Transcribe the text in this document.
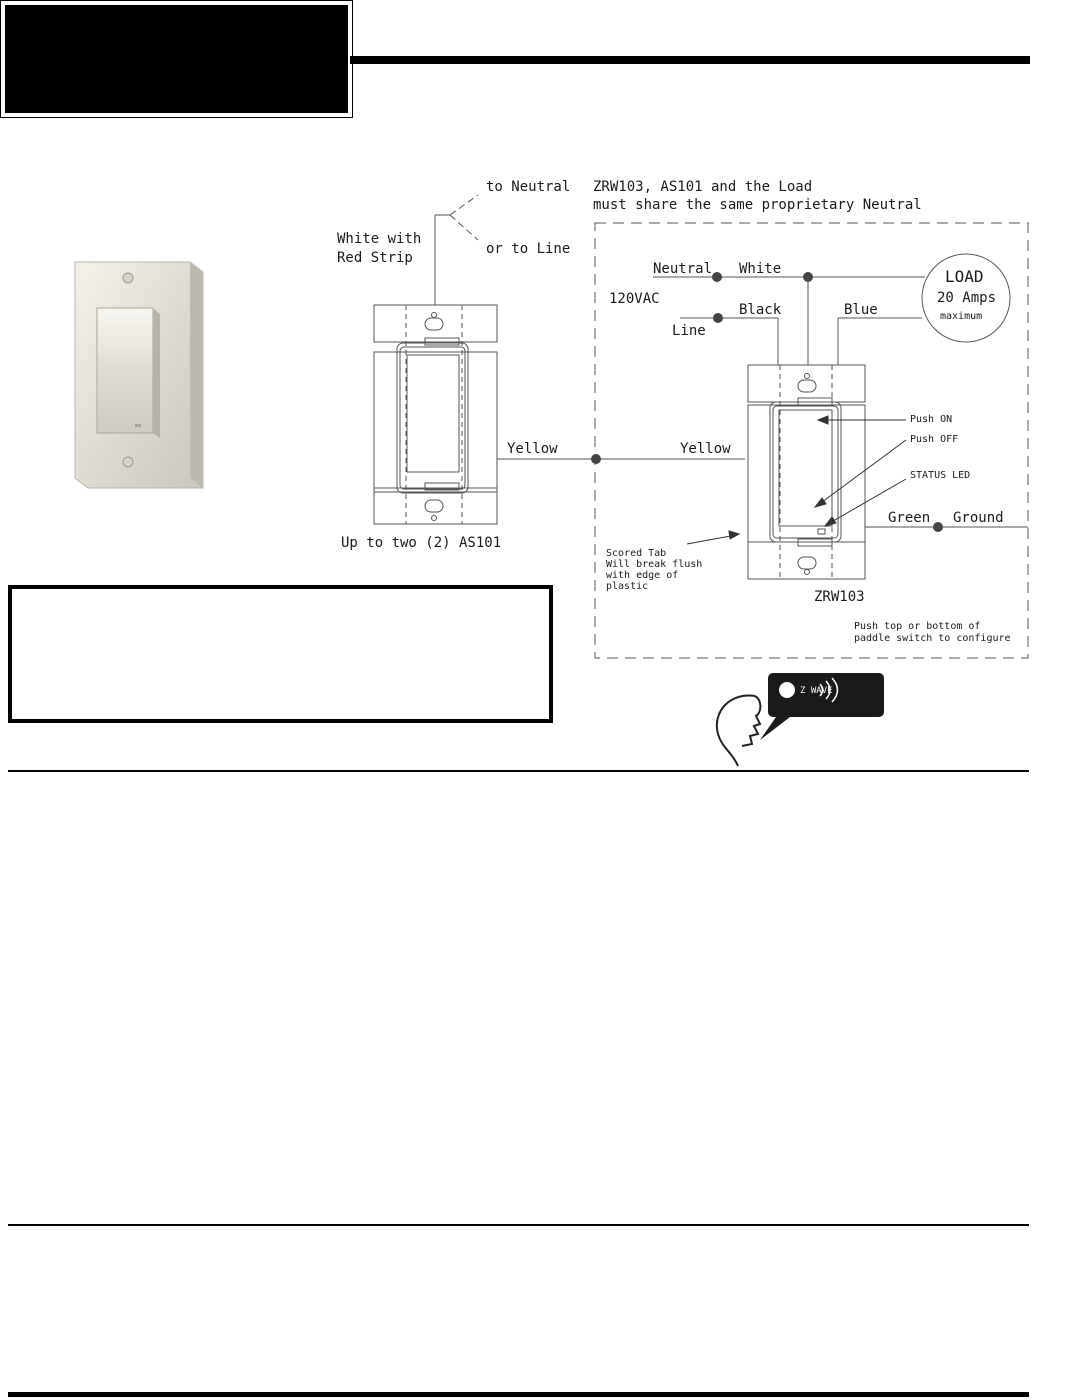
Z WAVE
to Neutral
or to Line
White with
Red Strip
ZRW103, AS101 and the Load
must share the same proprietary Neutral
Neutral White
120VAC
Black
Line
Blue
LOAD
20 Amps
maximum
Yellow	Yellow
Push ON
Push OFF
STATUS LED
Green Ground
Up to two (2) AS101
Scored Tab
Will break flush
with edge of
plastic
ZRW103
Push top or bottom of
paddle switch to configure
